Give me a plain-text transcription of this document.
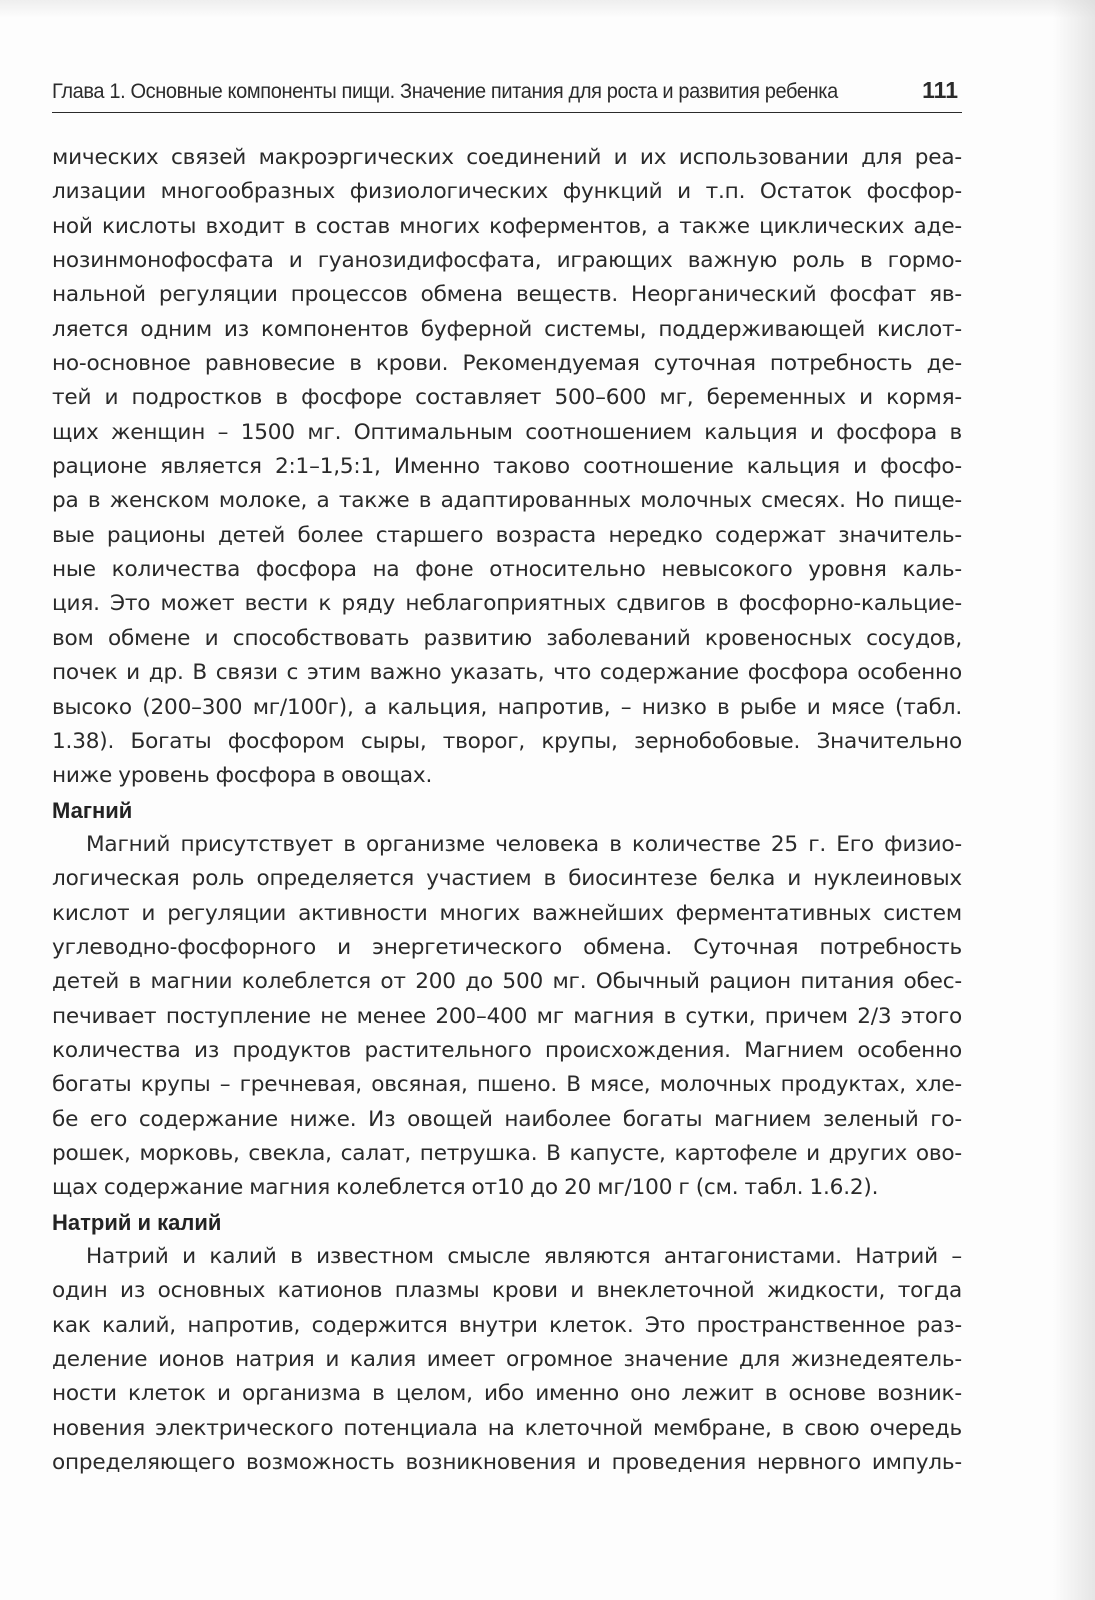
Глава 1. Основные компоненты пищи. Значение питания для роста и развития ребенка	111
мических связей макроэргических соединений и их использовании для реа-
лизации многообразных физиологических функций и т.п. Остаток фосфор-
ной кислоты входит в состав многих коферментов, а также циклических аде-
нозинмонофосфата и гуанозидифосфата, играющих важную роль в гормо-
нальной регуляции процессов обмена веществ. Неорганический фосфат яв-
ляется одним из компонентов буферной системы, поддерживающей кислот-
но-основное равновесие в крови. Рекомендуемая суточная потребность де-
тей и подростков в фосфоре составляет 500–600 мг, беременных и кормя-
щих женщин – 1500 мг. Оптимальным соотношением кальция и фосфора в
рационе является 2:1–1,5:1, Именно таково соотношение кальция и фосфо-
ра в женском молоке, а также в адаптированных молочных смесях. Но пище-
вые рационы детей более старшего возраста нередко содержат значитель-
ные количества фосфора на фоне относительно невысокого уровня каль-
ция. Это может вести к ряду неблагоприятных сдвигов в фосфорно-кальцие-
вом обмене и способствовать развитию заболеваний кровеносных сосудов,
почек и др. В связи с этим важно указать, что содержание фосфора особенно
высоко (200–300 мг/100г), а кальция, напротив, – низко в рыбе и мясе (табл.
1.38). Богаты фосфором сыры, творог, крупы, зернобобовые. Значительно
ниже уровень фосфора в овощах.
Магний
Магний присутствует в организме человека в количестве 25 г. Его физио-
логическая роль определяется участием в биосинтезе белка и нуклеиновых
кислот и регуляции активности многих важнейших ферментативных систем
углеводно-фосфорного и энергетического обмена. Суточная потребность
детей в магнии колеблется от 200 до 500 мг. Обычный рацион питания обес-
печивает поступление не менее 200–400 мг магния в сутки, причем 2/3 этого
количества из продуктов растительного происхождения. Магнием особенно
богаты крупы – гречневая, овсяная, пшено. В мясе, молочных продуктах, хле-
бе его содержание ниже. Из овощей наиболее богаты магнием зеленый го-
рошек, морковь, свекла, салат, петрушка. В капусте, картофеле и других ово-
щах содержание магния колеблется от10 до 20 мг/100 г (см. табл. 1.6.2).
Натрий и калий
Натрий и калий в известном смысле являются антагонистами. Натрий –
один из основных катионов плазмы крови и внеклеточной жидкости, тогда
как калий, напротив, содержится внутри клеток. Это пространственное раз-
деление ионов натрия и калия имеет огромное значение для жизнедеятель-
ности клеток и организма в целом, ибо именно оно лежит в основе возник-
новения электрического потенциала на клеточной мембране, в свою очередь
определяющего возможность возникновения и проведения нервного импуль-
